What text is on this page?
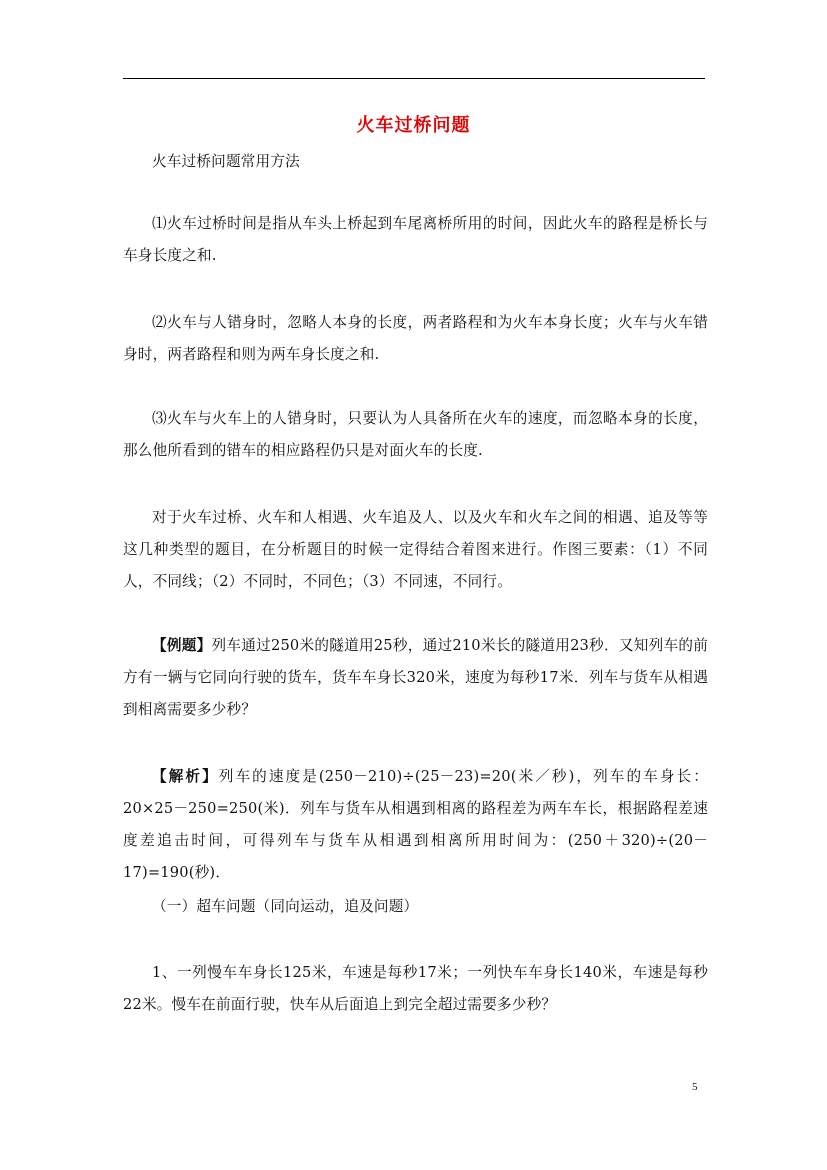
火车过桥问题
火车过桥问题常用方法
⑴火车过桥时间是指从车头上桥起到车尾离桥所用的时间，因此火车的路程是桥长与车身长度之和.
⑵火车与人错身时，忽略人本身的长度，两者路程和为火车本身长度；火车与火车错身时，两者路程和则为两车身长度之和.
⑶火车与火车上的人错身时，只要认为人具备所在火车的速度，而忽略本身的长度，那么他所看到的错车的相应路程仍只是对面火车的长度.
对于火车过桥、火车和人相遇、火车追及人、以及火车和火车之间的相遇、追及等等这几种类型的题目，在分析题目的时候一定得结合着图来进行。作图三要素：（1）不同人，不同线；（2）不同时，不同色；（3）不同速，不同行。
【例题】列车通过250米的隧道用25秒，通过210米长的隧道用23秒．又知列车的前方有一辆与它同向行驶的货车，货车车身长320米，速度为每秒17米．列车与货车从相遇到相离需要多少秒？
【解析】列车的速度是(250－210)÷(25－23)=20(米／秒)，列车的车身长：20×25－250=250(米)．列车与货车从相遇到相离的路程差为两车车长，根据路程差速度差追击时间，可得列车与货车从相遇到相离所用时间为：(250＋320)÷(20－17)=190(秒)．
（一）超车问题（同向运动，追及问题）
1、一列慢车车身长125米，车速是每秒17米；一列快车车身长140米，车速是每秒22米。慢车在前面行驶，快车从后面追上到完全超过需要多少秒？
5
